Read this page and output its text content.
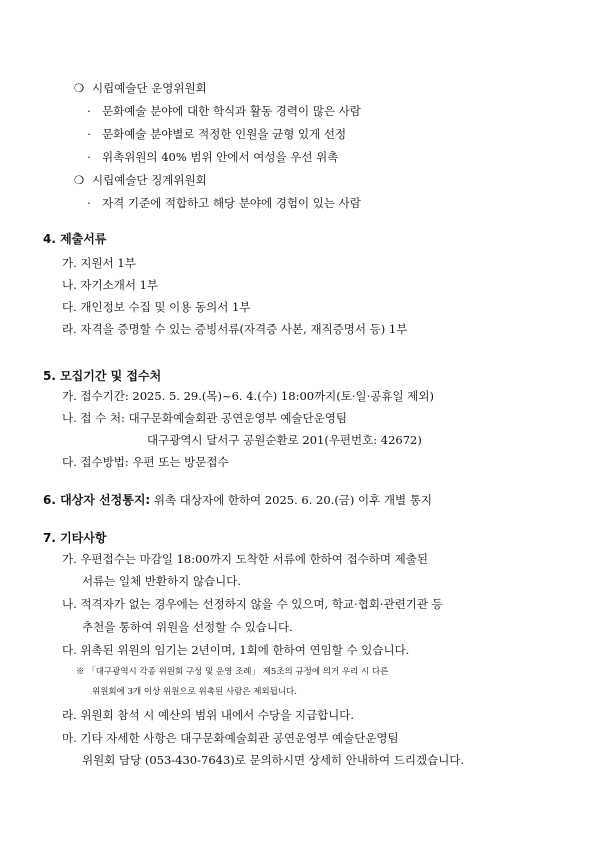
❍ 시립예술단 운영위원회
· 문화예술 분야에 대한 학식과 활동 경력이 많은 사람
· 문화예술 분야별로 적정한 인원을 균형 있게 선정
· 위촉위원의 40% 범위 안에서 여성을 우선 위촉
❍ 시립예술단 징계위원회
· 자격 기준에 적합하고 해당 분야에 경험이 있는 사람
4. 제출서류
가. 지원서 1부
나. 자기소개서 1부
다. 개인정보 수집 및 이용 동의서 1부
라. 자격을 증명할 수 있는 증빙서류(자격증 사본, 재직증명서 등) 1부
5. 모집기간 및 접수처
가. 접수기간: 2025. 5. 29.(목)~6. 4.(수) 18:00까지(토·일·공휴일 제외)
나. 접 수 처: 대구문화예술회관 공연운영부 예술단운영팀
대구광역시 달서구 공원순환로 201(우편번호: 42672)
다. 접수방법: 우편 또는 방문접수
6. 대상자 선정통지: 위촉 대상자에 한하여 2025. 6. 20.(금) 이후 개별 통지
7. 기타사항
가. 우편접수는 마감일 18:00까지 도착한 서류에 한하여 접수하며 제출된
서류는 일체 반환하지 않습니다.
나. 적격자가 없는 경우에는 선정하지 않을 수 있으며, 학교·협회·관련기관 등
추천을 통하여 위원을 선정할 수 있습니다.
다. 위촉된 위원의 임기는 2년이며, 1회에 한하여 연임할 수 있습니다.
※ 「대구광역시 각종 위원회 구성 및 운영 조례」 제5조의 규정에 의거 우리 시 다른
위원회에 3개 이상 위원으로 위촉된 사람은 제외됩니다.
라. 위원회 참석 시 예산의 범위 내에서 수당을 지급합니다.
마. 기타 자세한 사항은 대구문화예술회관 공연운영부 예술단운영팀
위원회 담당 (053-430-7643)로 문의하시면 상세히 안내하여 드리겠습니다.
